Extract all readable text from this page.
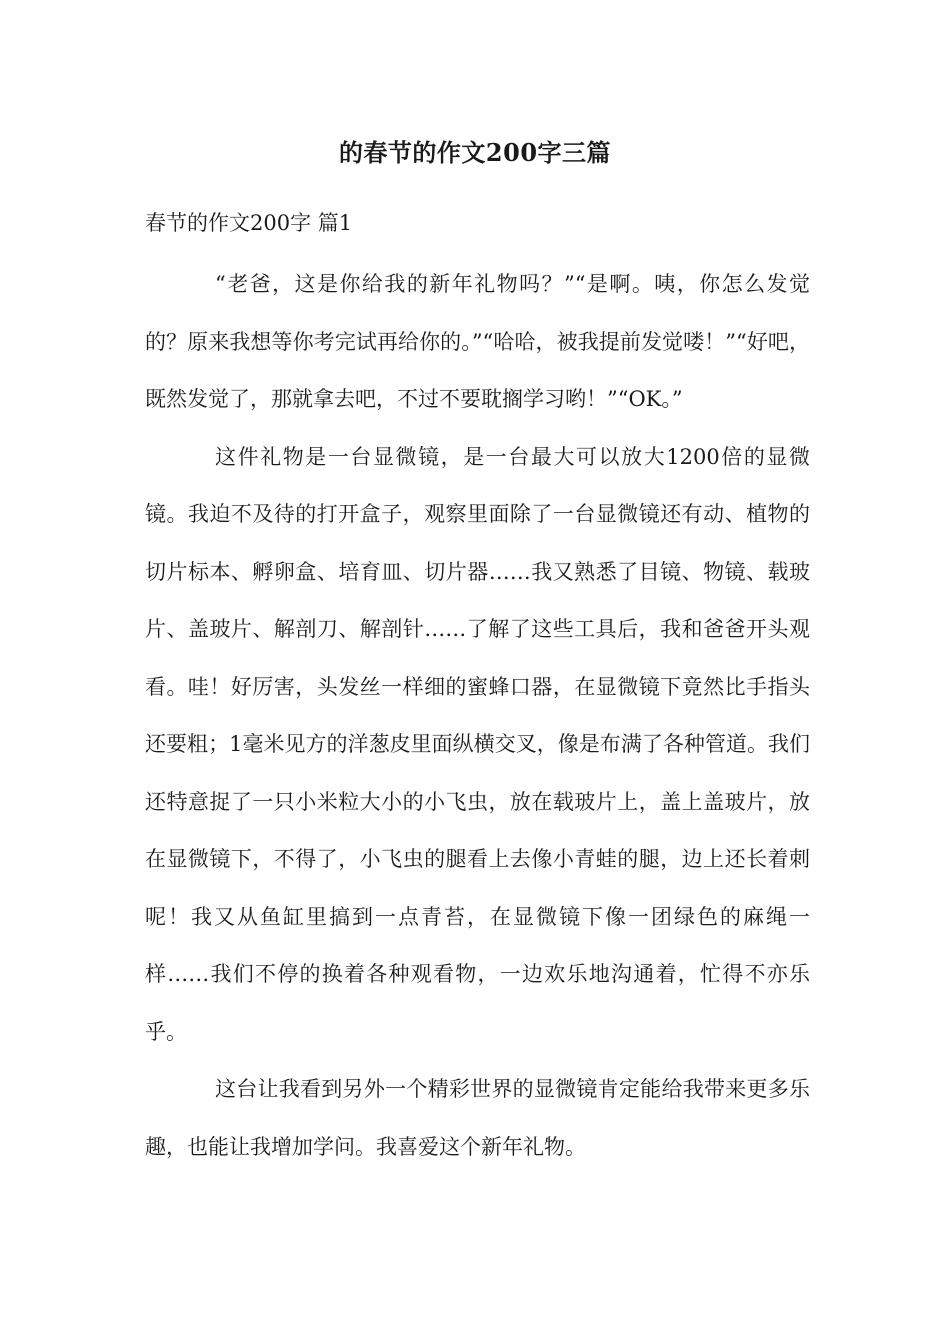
的春节的作文200字三篇
春节的作文200字 篇1

“老爸，这是你给我的新年礼物吗？”“是啊。咦，你怎么发觉的？原来我想等你考完试再给你的。”“哈哈，被我提前发觉喽！”“好吧，既然发觉了，那就拿去吧，不过不要耽搁学习哟！”“OK。”

这件礼物是一台显微镜，是一台最大可以放大1200倍的显微镜。我迫不及待的打开盒子，观察里面除了一台显微镜还有动、植物的切片标本、孵卵盒、培育皿、切片器……我又熟悉了目镜、物镜、载玻片、盖玻片、解剖刀、解剖针……了解了这些工具后，我和爸爸开头观看。哇！好厉害，头发丝一样细的蜜蜂口器，在显微镜下竟然比手指头还要粗；1毫米见方的洋葱皮里面纵横交叉，像是布满了各种管道。我们还特意捉了一只小米粒大小的小飞虫，放在载玻片上，盖上盖玻片，放在显微镜下，不得了，小飞虫的腿看上去像小青蛙的腿，边上还长着刺呢！我又从鱼缸里搞到一点青苔，在显微镜下像一团绿色的麻绳一样……我们不停的换着各种观看物，一边欢乐地沟通着，忙得不亦乐乎。

这台让我看到另外一个精彩世界的显微镜肯定能给我带来更多乐趣，也能让我增加学问。我喜爱这个新年礼物。
